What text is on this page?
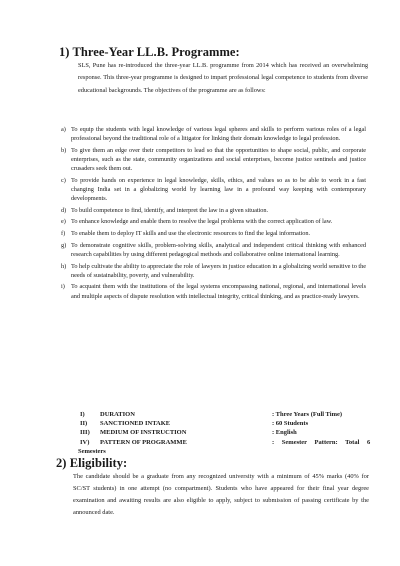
1) Three-Year LL.B. Programme:
SLS, Pune has re-introduced the three-year LL.B. programme from 2014 which has received an overwhelming response. This three-year programme is designed to impart professional legal competence to students from diverse educational backgrounds. The objectives of the programme are as follows:
a) To equip the students with legal knowledge of various legal spheres and skills to perform various roles of a legal professional beyond the traditional role of a litigator for linking their domain knowledge to legal profession.
b) To give them an edge over their competitors to lead so that the opportunities to shape social, public, and corporate enterprises, such as the state, community organizations and social enterprises, become justice sentinels and justice crusaders seek them out.
c) To provide hands on experience in legal knowledge, skills, ethics, and values so as to be able to work in a fast changing India set in a globalizing world by learning law in a profound way keeping with contemporary developments.
d) To build competence to find, identify, and interpret the law in a given situation.
e) To enhance knowledge and enable them to resolve the legal problems with the correct application of law.
f) To enable them to deploy IT skills and use the electronic resources to find the legal information.
g) To demonstrate cognitive skills, problem-solving skills, analytical and independent critical thinking with enhanced research capabilities by using different pedagogical methods and collaborative online international learning.
h) To help cultivate the ability to appreciate the role of lawyers in justice education in a globalizing world sensitive to the needs of sustainability, poverty, and vulnerability.
i) To acquaint them with the institutions of the legal systems encompassing national, regional, and international levels and multiple aspects of dispute resolution with intellectual integrity, critical thinking, and as practice-ready lawyers.
I) DURATION	: Three Years (Full Time)
II) SANCTIONED INTAKE	: 60 Students
III) MEDIUM OF INSTRUCTION	: English
IV) PATTERN OF PROGRAMME	: Semester Pattern: Total 6
Semesters
2) Eligibility:
The candidate should be a graduate from any recognized university with a minimum of 45% marks (40% for SC/ST students) in one attempt (no compartment). Students who have appeared for their final year degree examination and awaiting results are also eligible to apply, subject to submission of passing certificate by the announced date.
